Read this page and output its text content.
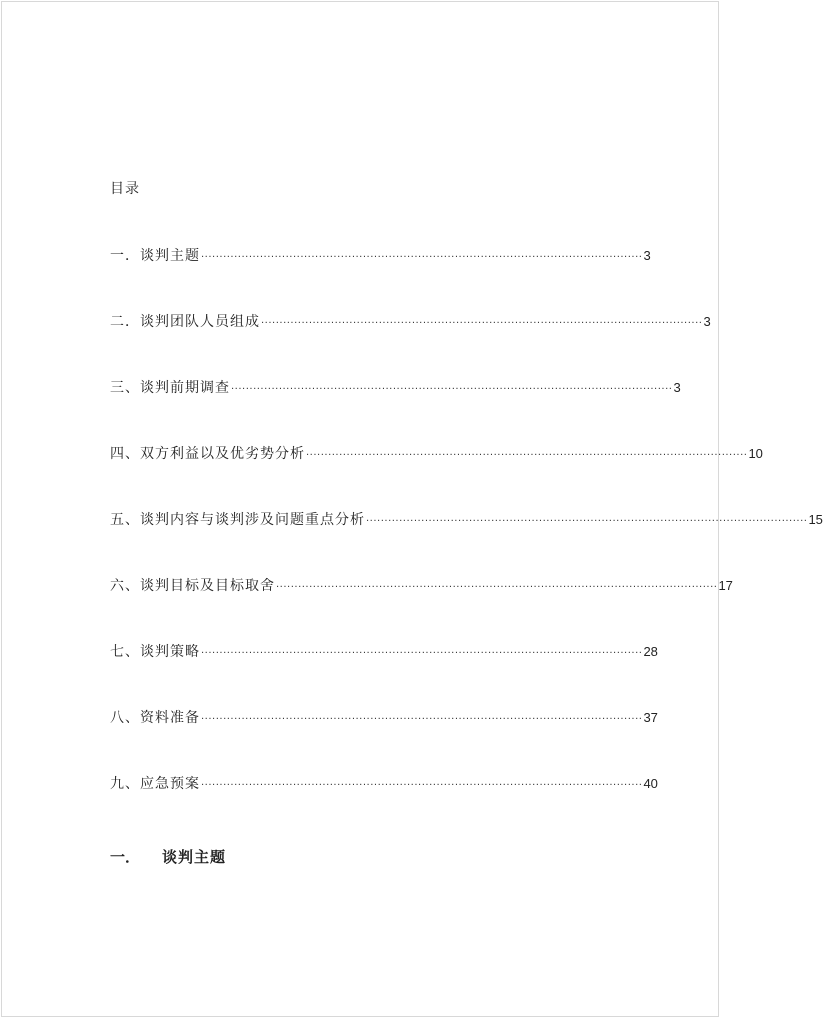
目录
一．谈判主题 ························································································································ 3
二．谈判团队人员组成 ························································································································ 3
三、谈判前期调查 ························································································································ 3
四、双方利益以及优劣势分析 ························································································································ 10
五、谈判内容与谈判涉及问题重点分析 ························································································································ 15
六、谈判目标及目标取舍 ························································································································ 17
七、谈判策略 ························································································································ 28
八、资料准备 ························································································································ 37
九、应急预案 ························································································································ 40
一．	谈判主题
